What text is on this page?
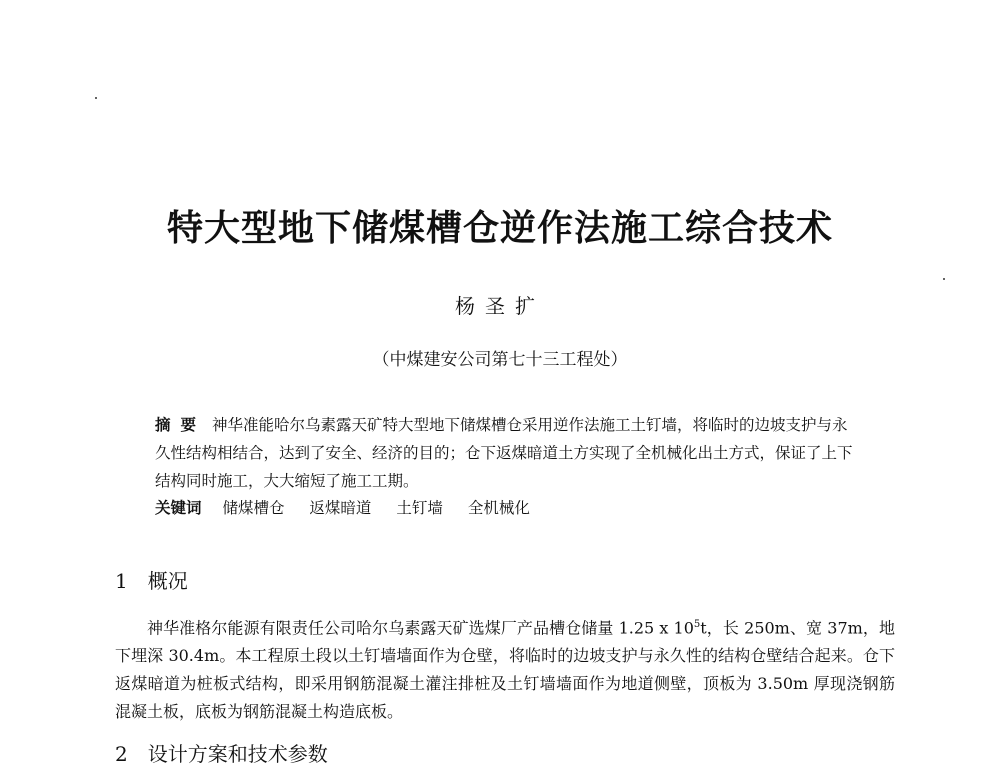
特大型地下储煤槽仓逆作法施工综合技术
杨圣扩
（中煤建安公司第七十三工程处）
摘要 神华准能哈尔乌素露天矿特大型地下储煤槽仓采用逆作法施工土钉墙，将临时的边坡支护与永久性结构相结合，达到了安全、经济的目的；仓下返煤暗道土方实现了全机械化出土方式，保证了上下结构同时施工，大大缩短了施工工期。
关键词 储煤槽仓 返煤暗道 土钉墙 全机械化
1 概况
神华准格尔能源有限责任公司哈尔乌素露天矿选煤厂产品槽仓储量 1.25 x $10^5t$，长 250m、宽 37m，地下埋深 30.4m。本工程原土段以土钉墙墙面作为仓壁，将临时的边坡支护与永久性的结构仓壁结合起来。仓下返煤暗道为桩板式结构，即采用钢筋混凝土灌注排桩及土钉墙墙面作为地道侧壁，顶板为 3.50m 厚现浇钢筋混凝土板，底板为钢筋混凝土构造底板。
2 设计方案和技术参数
